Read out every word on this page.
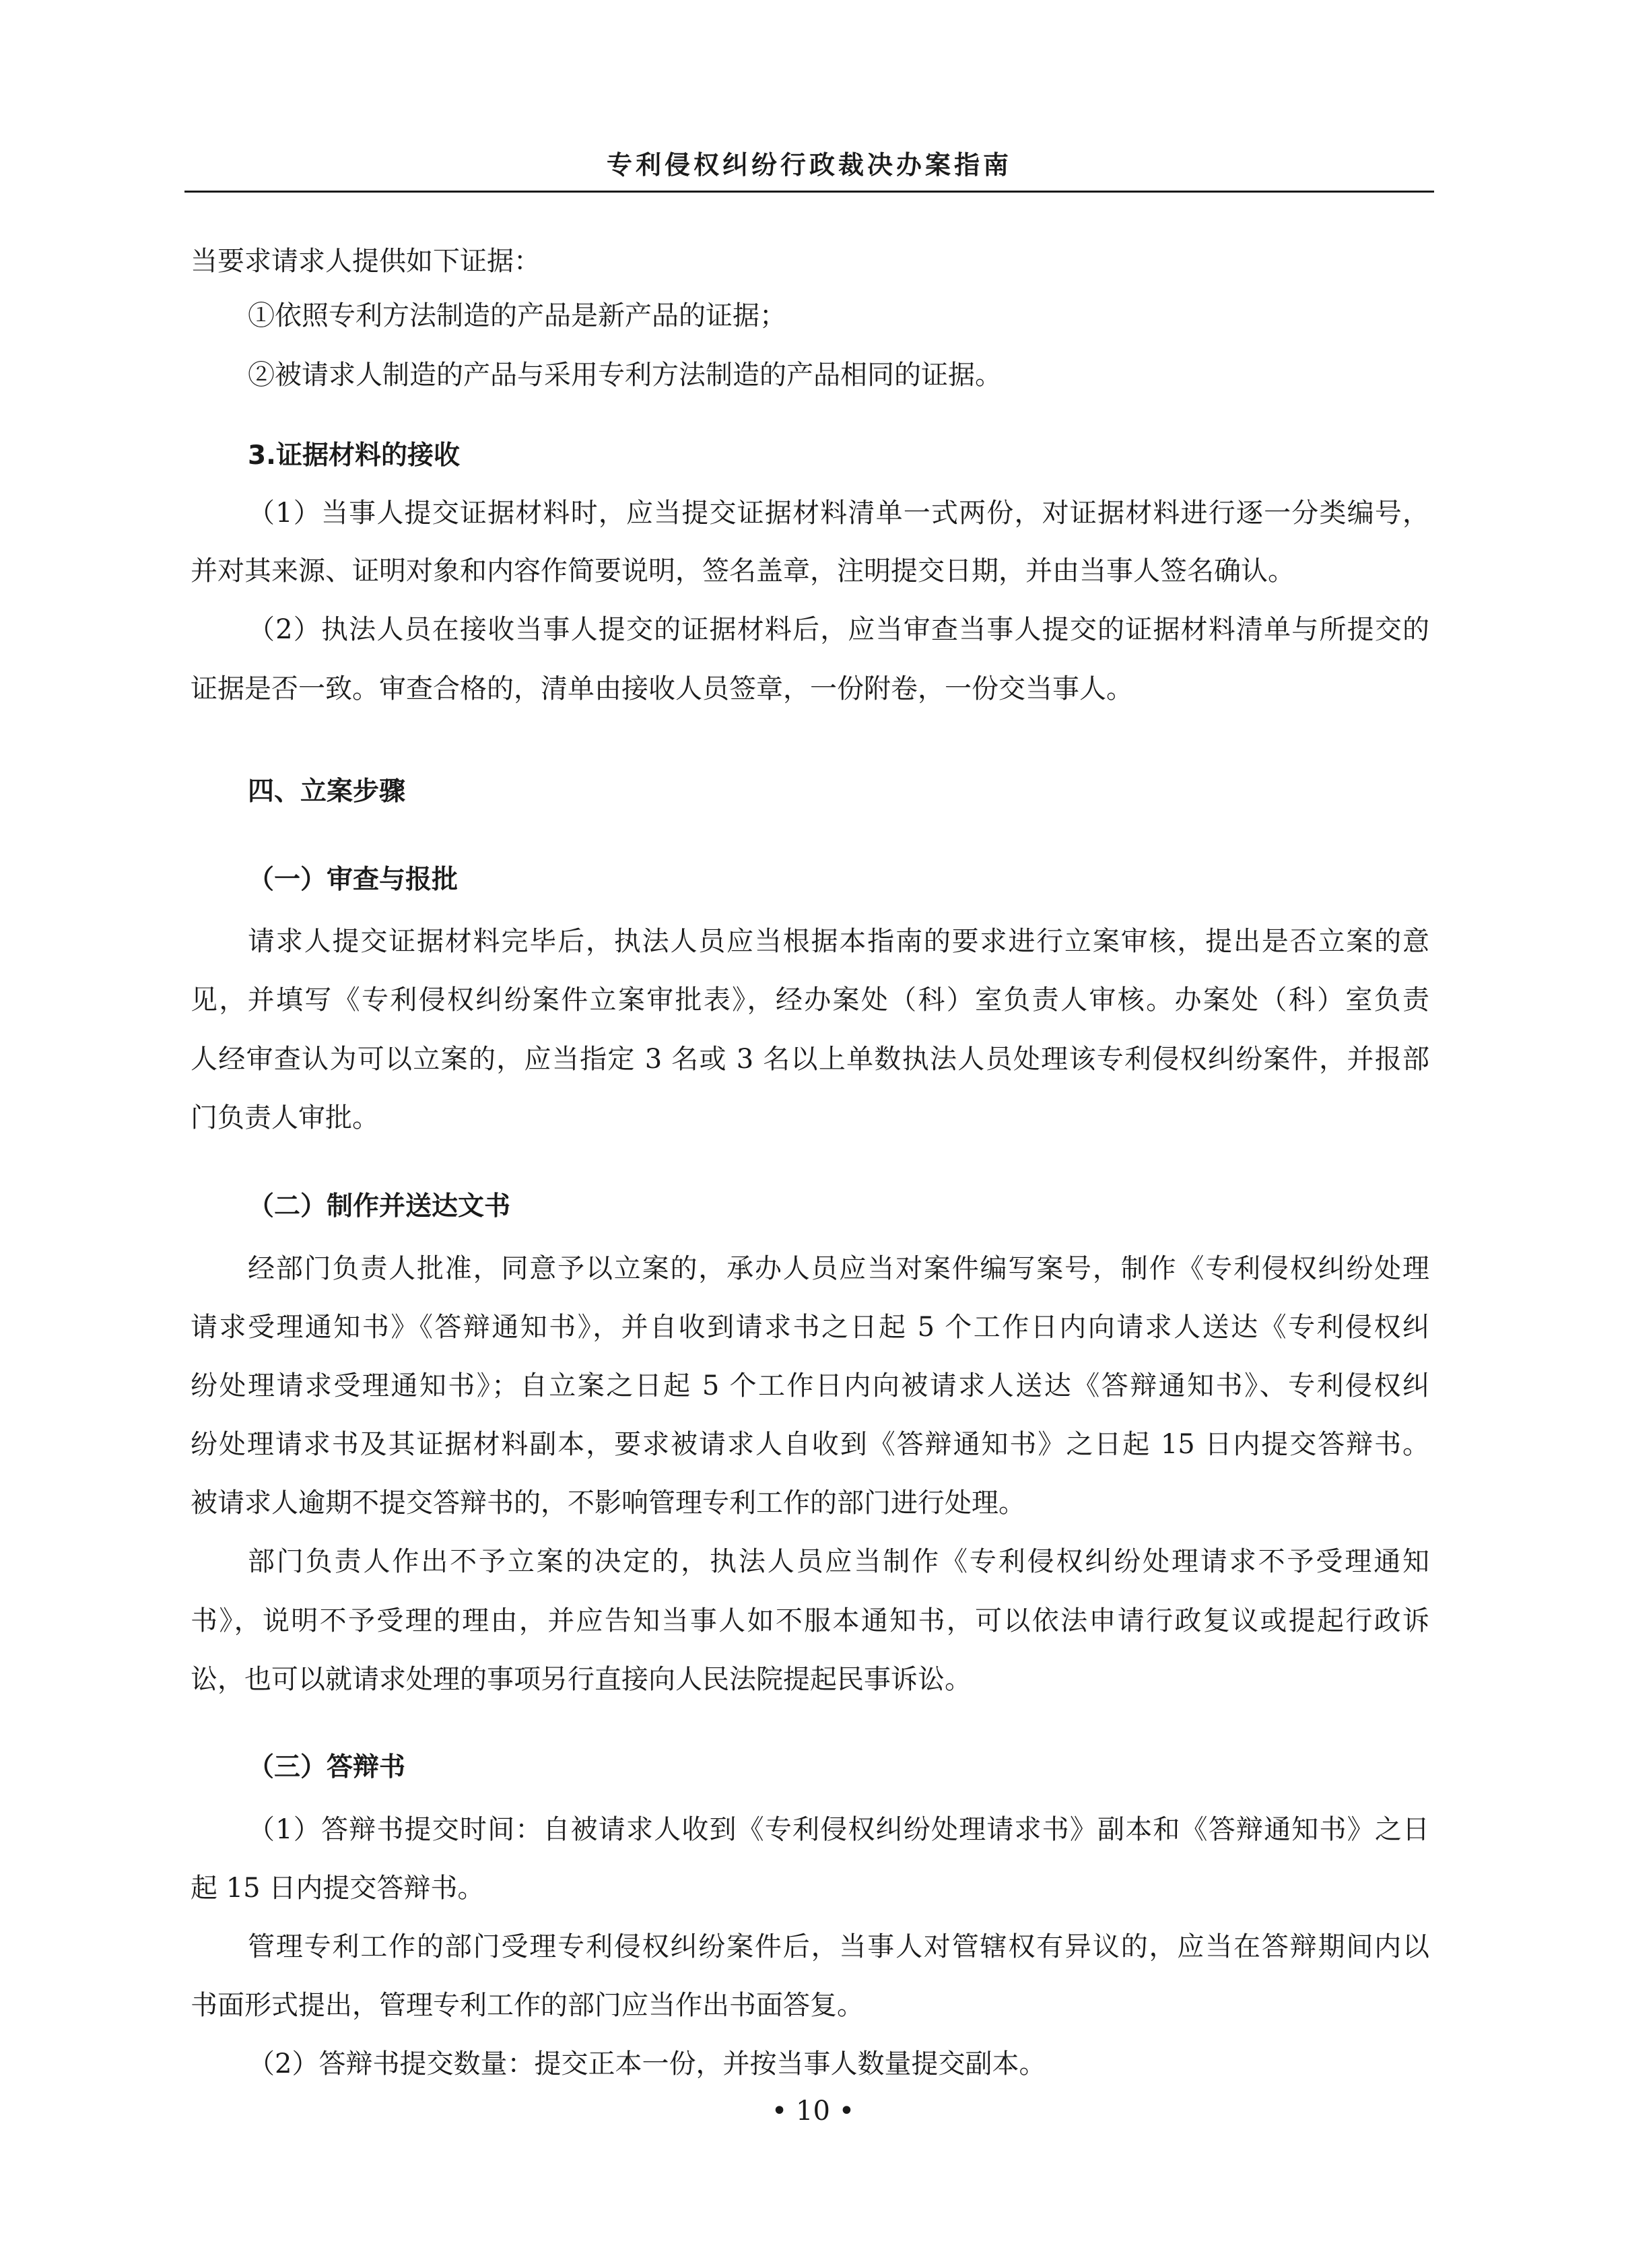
专利侵权纠纷行政裁决办案指南
当要求请求人提供如下证据：
①依照专利方法制造的产品是新产品的证据；
②被请求人制造的产品与采用专利方法制造的产品相同的证据。
3.证据材料的接收
（1）当事人提交证据材料时，应当提交证据材料清单一式两份，对证据材料进行逐一分类编号，
并对其来源、证明对象和内容作简要说明，签名盖章，注明提交日期，并由当事人签名确认。
（2）执法人员在接收当事人提交的证据材料后，应当审查当事人提交的证据材料清单与所提交的
证据是否一致。审查合格的，清单由接收人员签章，一份附卷，一份交当事人。
四、立案步骤
（一）审查与报批
请求人提交证据材料完毕后，执法人员应当根据本指南的要求进行立案审核，提出是否立案的意
见，并填写《专利侵权纠纷案件立案审批表》，经办案处（科）室负责人审核。办案处（科）室负责
人经审查认为可以立案的，应当指定 3 名或 3 名以上单数执法人员处理该专利侵权纠纷案件，并报部
门负责人审批。
（二）制作并送达文书
经部门负责人批准，同意予以立案的，承办人员应当对案件编写案号，制作《专利侵权纠纷处理
请求受理通知书》《答辩通知书》，并自收到请求书之日起 5 个工作日内向请求人送达《专利侵权纠
纷处理请求受理通知书》；自立案之日起 5 个工作日内向被请求人送达《答辩通知书》、专利侵权纠
纷处理请求书及其证据材料副本，要求被请求人自收到《答辩通知书》之日起 15 日内提交答辩书。
被请求人逾期不提交答辩书的，不影响管理专利工作的部门进行处理。
部门负责人作出不予立案的决定的，执法人员应当制作《专利侵权纠纷处理请求不予受理通知
书》，说明不予受理的理由，并应告知当事人如不服本通知书，可以依法申请行政复议或提起行政诉
讼，也可以就请求处理的事项另行直接向人民法院提起民事诉讼。
（三）答辩书
（1）答辩书提交时间：自被请求人收到《专利侵权纠纷处理请求书》副本和《答辩通知书》之日
起 15 日内提交答辩书。
管理专利工作的部门受理专利侵权纠纷案件后，当事人对管辖权有异议的，应当在答辩期间内以
书面形式提出，管理专利工作的部门应当作出书面答复。
（2）答辩书提交数量：提交正本一份，并按当事人数量提交副本。
• 10 •
